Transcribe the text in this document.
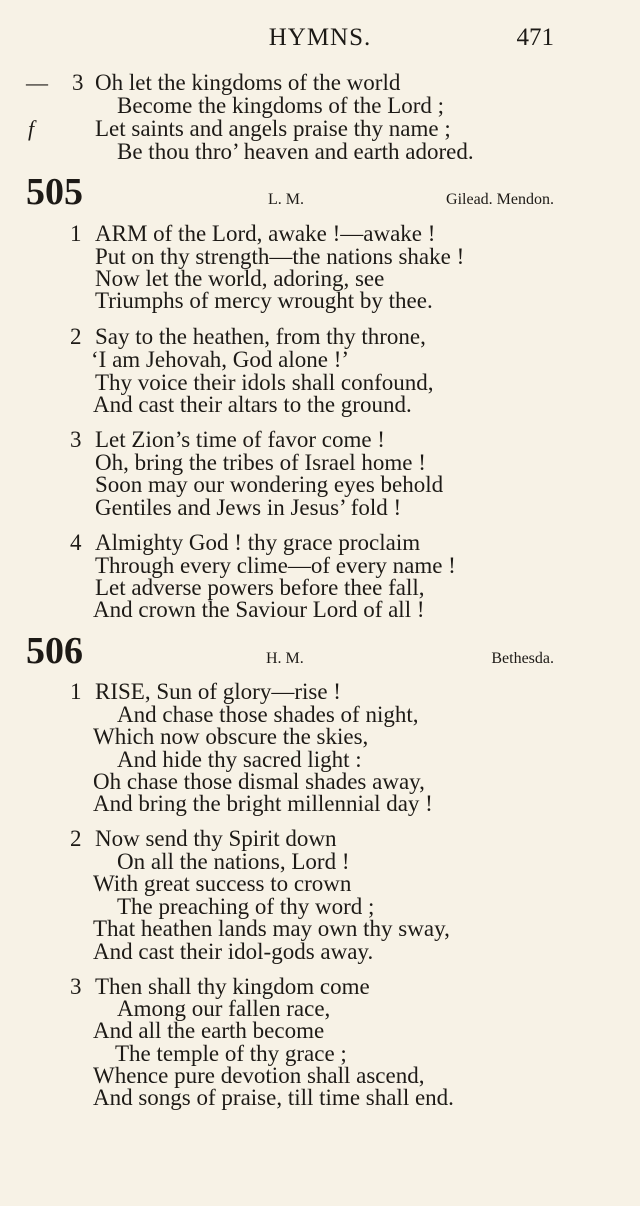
HYMNS.	471
— 3 Oh let the kingdoms of the world
Become the kingdoms of the Lord ;
f	Let saints and angels praise thy name ;
Be thou thro’ heaven and earth adored.
505	L. M.	Gilead. Mendon.
1 ARM of the Lord, awake !—awake !
Put on thy strength—the nations shake !
Now let the world, adoring, see
Triumphs of mercy wrought by thee.
2 Say to the heathen, from thy throne,
‘I am Jehovah, God alone !’
Thy voice their idols shall confound,
And cast their altars to the ground.
3 Let Zion’s time of favor come !
Oh, bring the tribes of Israel home !
Soon may our wondering eyes behold
Gentiles and Jews in Jesus’ fold !
4 Almighty God ! thy grace proclaim
Through every clime—of every name !
Let adverse powers before thee fall,
And crown the Saviour Lord of all !
506	H. M.	Bethesda.
1 RISE, Sun of glory—rise !
And chase those shades of night,
Which now obscure the skies,
And hide thy sacred light :
Oh chase those dismal shades away,
And bring the bright millennial day !
2 Now send thy Spirit down
On all the nations, Lord !
With great success to crown
The preaching of thy word ;
That heathen lands may own thy sway,
And cast their idol-gods away.
3 Then shall thy kingdom come
Among our fallen race,
And all the earth become
The temple of thy grace ;
Whence pure devotion shall ascend,
And songs of praise, till time shall end.
